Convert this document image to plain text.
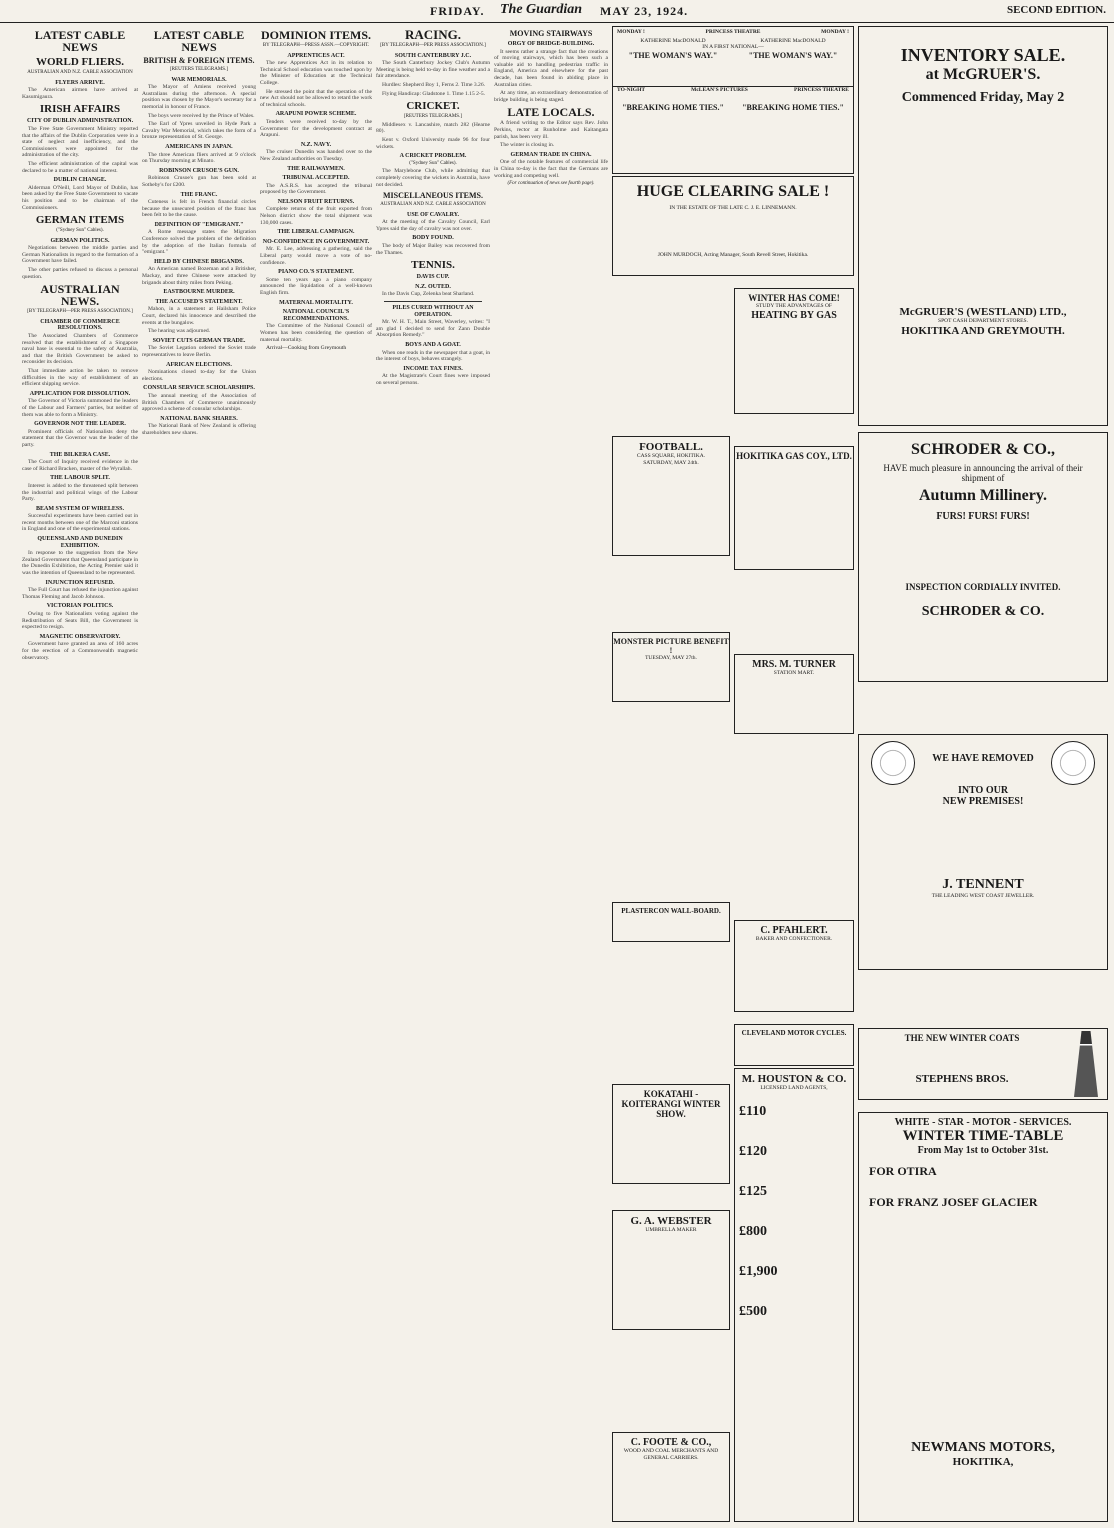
FRIDAY. The Guardian MAY 23, 1924.	SECOND EDITION.
LATEST CABLE NEWS
WORLD FLIERS.
AUSTRALIAN AND N.Z. CABLE ASSOCIATION
FLYERS ARRIVE.

The American airmen have arrived at Kasumigaura.

IRISH AFFAIRS
CITY OF DUBLIN ADMINISTRATION.

The Free State Government Ministry reported that the affairs of the Dublin Corporation were in a state of neglect and inefficiency, and the Commissioners were appointed for the administration of the city.

The efficient administration of the capital was declared to be a matter of national interest.

DUBLIN CHANGE.

Alderman O'Neill, Lord Mayor of Dublin, has been asked by the Free State Government to vacate his position and to be chairman of the Commissioners.

GERMAN ITEMS
("Sydney Sun" Cables).
GERMAN POLITICS.

Negotiations between the middle parties and German Nationalists in regard to the formation of a Government have failed.

The other parties refused to discuss a personal question.

AUSTRALIAN NEWS.
[BY TELEGRAPH—PER PRESS ASSOCIATION.]
CHAMBER OF COMMERCE RESOLUTIONS.

The Associated Chambers of Commerce resolved that the establishment of a Singapore naval base is essential to the safety of Australia, and that the British Government be asked to reconsider its decision.

That immediate action be taken to remove difficulties in the way of establishment of an efficient shipping service.

APPLICATION FOR DISSOLUTION.

The Governor of Victoria summoned the leaders of the Labour and Farmers' parties, but neither of them was able to form a Ministry.

GOVERNOR NOT THE LEADER.

Prominent officials of Nationalists deny the statement that the Governor was the leader of the party.

THE BILKERA CASE.

The Court of Inquiry received evidence in the case of Richard Bracken, master of the Wyrallah.

THE LABOUR SPLIT.

Interest is added to the threatened split between the industrial and political wings of the Labour Party.

BEAM SYSTEM OF WIRELESS.

Successful experiments have been carried out in recent months between one of the Marconi stations in England and one of the experimental stations.

QUEENSLAND AND DUNEDIN EXHIBITION.

In response to the suggestion from the New Zealand Government that Queensland participate in the Dunedin Exhibition, the Acting Premier said it was the intention of Queensland to be represented.

INJUNCTION REFUSED.

The Full Court has refused the injunction against Thomas Fleming and Jacob Johnson.

VICTORIAN POLITICS.

Owing to five Nationalists voting against the Redistribution of Seats Bill, the Government is expected to resign.

MAGNETIC OBSERVATORY.

Government have granted an area of 160 acres for the erection of a Commonwealth magnetic observatory.

LATEST CABLE NEWS
BRITISH & FOREIGN ITEMS.
[REUTERS TELEGRAMS.]
WAR MEMORIALS.

The Mayor of Amiens received young Australians during the afternoon. A special position was chosen by the Mayor's secretary for a memorial in honour of France.

The boys were received by the Prince of Wales.

The Earl of Ypres unveiled in Hyde Park a Cavalry War Memorial, which takes the form of a bronze representation of St. George.

AMERICANS IN JAPAN.

The three American fliers arrived at 9 o'clock on Thursday morning at Minato.

ROBINSON CRUSOE'S GUN.

Robinson Crusoe's gun has been sold at Sotheby's for £200.

THE FRANC.

Cuteness is felt in French financial circles because the unsecured position of the franc has been felt to be the cause.

DEFINITION OF "EMIGRANT."

A Rome message states the Migration Conference solved the problem of the definition by the adoption of the Italian formula of "emigrant."

HELD BY CHINESE BRIGANDS.

An American named Bozeman and a Britisher, Mackay, and three Chinese were attacked by brigands about thirty miles from Peking.

EASTBOURNE MURDER.
THE ACCUSED'S STATEMENT.

Mahon, in a statement at Hailsham Police Court, declared his innocence and described the events at the bungalow.

The hearing was adjourned.

SOVIET CUTS GERMAN TRADE.

The Soviet Legation ordered the Soviet trade representatives to leave Berlin.

AFRICAN ELECTIONS.

Nominations closed to-day for the Union elections.

CONSULAR SERVICE SCHOLARSHIPS.

The annual meeting of the Association of British Chambers of Commerce unanimously approved a scheme of consular scholarships.

NATIONAL BANK SHARES.

The National Bank of New Zealand is offering shareholders new shares.

DOMINION ITEMS.
BY TELEGRAPH—PRESS ASSN.—COPYRIGHT.
APPRENTICES ACT.

The new Apprentices Act in its relation to Technical School education was touched upon by the Minister of Education at the Technical College.

He stressed the point that the operation of the new Act should not be allowed to retard the work of technical schools.

ARAPUNI POWER SCHEME.

Tenders were received to-day by the Government for the development contract at Arapuni.

N.Z. NAVY.

The cruiser Dunedin was handed over to the New Zealand authorities on Tuesday.

THE RAILWAYMEN.
TRIBUNAL ACCEPTED.

The A.S.R.S. has accepted the tribunal proposed by the Government.

NELSON FRUIT RETURNS.

Complete returns of the fruit exported from Nelson district show the total shipment was 130,000 cases.

THE LIBERAL CAMPAIGN.
NO-CONFIDENCE IN GOVERNMENT.

Mr. E. Lee, addressing a gathering, said the Liberal party would move a vote of no-confidence.

PIANO CO.'S STATEMENT.

Some ten years ago a piano company announced the liquidation of a well-known English firm.

MATERNAL MORTALITY.
NATIONAL COUNCIL'S RECOMMENDATIONS.

The Committee of the National Council of Women has been considering the question of maternal mortality.

Arrival—Cooking from Greymouth

RACING.
[BY TELEGRAPH—PER PRESS ASSOCIATION.]
SOUTH CANTERBURY J.C.

The South Canterbury Jockey Club's Autumn Meeting is being held to-day in fine weather and a fair attendance.

Hurdles: Shepherd Boy 1, Ferns 2. Time 3.26.

Flying Handicap: Gladstone 1. Time 1.15 2-5.

CRICKET.
[REUTERS TELEGRAMS.]

Middlesex v. Lancashire, match 282 (Hearne 80).

Kent v. Oxford University made 96 for four wickets.

A CRICKET PROBLEM.
("Sydney Sun" Cables).

The Marylebone Club, while admitting that completely covering the wickets in Australia, have not decided.

MISCELLANEOUS ITEMS.
AUSTRALIAN AND N.Z. CABLE ASSOCIATION
USE OF CAVALRY.

At the meeting of the Cavalry Council, Earl Ypres said the day of cavalry was not over.

BODY FOUND.

The body of Major Bailey was recovered from the Thames.

TENNIS.
DAVIS CUP.
N.Z. OUTED.

In the Davis Cup, Zelenka beat Sharland.

PILES CURED WITHOUT AN OPERATION.

Mr. W. H. T., Main Street, Waverley, writes: "I am glad I decided to send for Zann Double Absorption Remedy."

BOYS AND A GOAT.

When one reads in the newspaper that a goat, in the interest of boys, behaves strangely.

INCOME TAX FINES.

At the Magistrate's Court fines were imposed on several persons.

MOVING STAIRWAYS
ORGY OF BRIDGE-BUILDING.

It seems rather a strange fact that the creations of moving stairways, which has been such a valuable aid to handling pedestrian traffic in England, America and elsewhere for the past decade, has been found in abiding place in Australian cities.

At any time, an extraordinary demonstration of bridge building is being staged.

LATE LOCALS.

A friend writing to the Editor says Rev. John Perkins, rector at Runholme and Kaitangata parish, has been very ill.

The winter is closing in.

GERMAN TRADE IN CHINA.

One of the notable features of commercial life in China to-day is the fact that the Germans are working and competing well.

(For continuation of news see fourth page).
MONDAY !	PRINCESS THEATRE	MONDAY !
KATHERINE MacDONALD	KATHERINE MacDONALD
IN A FIRST NATIONAL—
"THE WOMAN'S WAY."	"THE WOMAN'S WAY."
TO-NIGHT	McLEAN'S PICTURES	PRINCESS THEATRE
"BREAKING HOME TIES." "BREAKING HOME TIES."
HUGE CLEARING SALE !
IN THE ESTATE OF THE LATE C. J. E. LINNEMANN.
JOHN MURDOCH, Acting Manager, South Revell Street, Hokitika.
FOOTBALL.
CASS SQUARE, HOKITIKA.
SATURDAY, MAY 24th.
MONSTER PICTURE BENEFIT !
TUESDAY, MAY 27th.
PLASTERCON WALL-BOARD.
KOKATAHI - KOITERANGI WINTER SHOW.
G. A. WEBSTER
UMBRELLA MAKER
C. FOOTE & CO.,
WOOD AND COAL MERCHANTS AND GENERAL CARRIERS.
WINTER HAS COME!
STUDY THE ADVANTAGES OF
HEATING BY GAS
HOKITIKA GAS COY., LTD.
MRS. M. TURNER
STATION MART.
C. PFAHLERT.
BAKER AND CONFECTIONER.
CLEVELAND MOTOR CYCLES.
M. HOUSTON & CO.
LICENSED LAND AGENTS,
£110
£120
£125
£800
£1,900
£500
INVENTORY SALE.
at McGRUER'S.
Commenced Friday, May 2
McGRUER'S (WESTLAND) LTD.,
SPOT CASH DEPARTMENT STORES.
HOKITIKA AND GREYMOUTH.
SCHRODER & CO.,
HAVE much pleasure in announcing the arrival of their shipment of
Autumn Millinery.
FURS! FURS! FURS!
INSPECTION CORDIALLY INVITED.
SCHRODER & CO.
WE HAVE REMOVED
INTO OUR
NEW PREMISES!
J. TENNENT
THE LEADING WEST COAST JEWELLER.
THE NEW WINTER COATS
STEPHENS BROS.
WHITE - STAR - MOTOR - SERVICES.
WINTER TIME-TABLE
From May 1st to October 31st.
FOR OTIRA
FOR FRANZ JOSEF GLACIER
NEWMANS MOTORS,
HOKITIKA,
